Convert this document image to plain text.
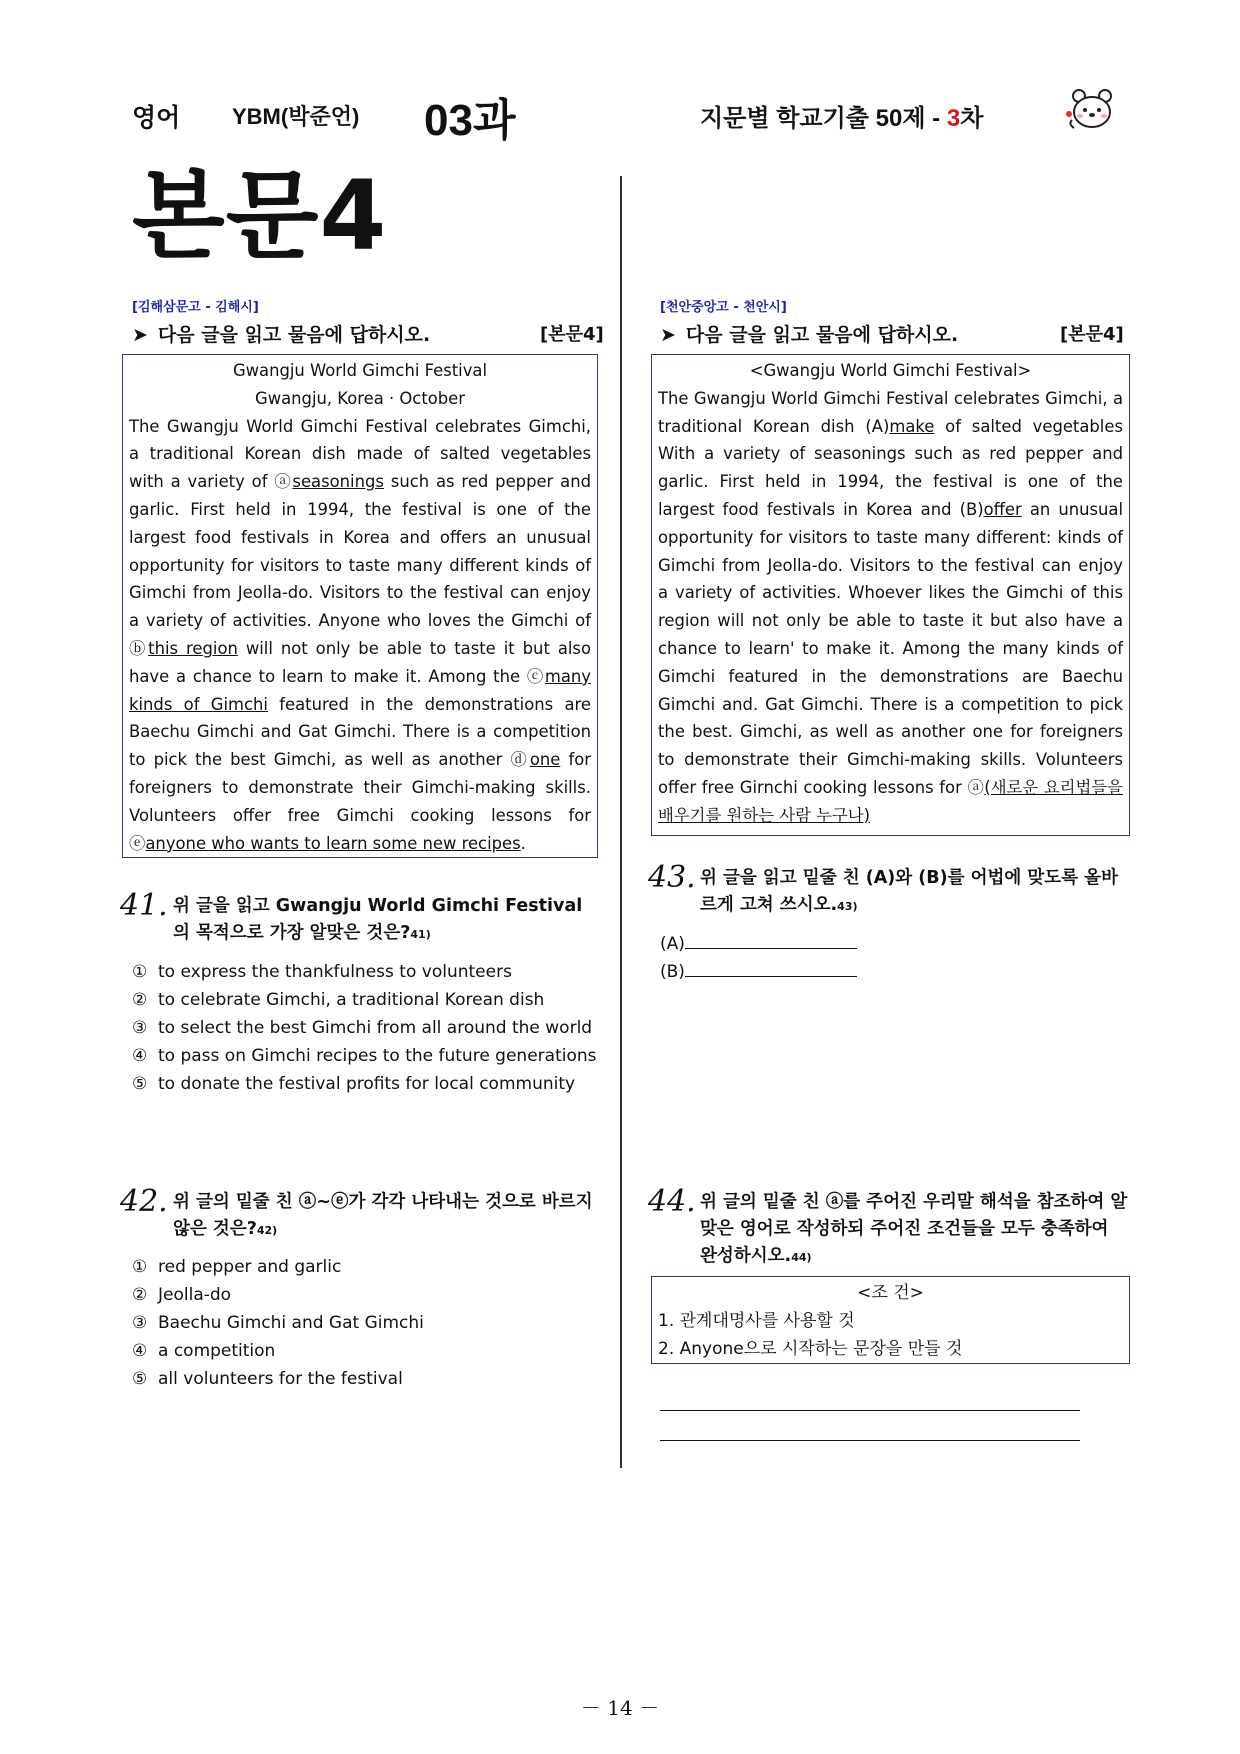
영어 YBM(박준언) 03과	지문별 학교기출 50제 - 3차
본문4
[김해삼문고 - 김해시]
➤ 다음 글을 읽고 물음에 답하시오.	[본문4]
Gwangju World Gimchi Festival
Gwangju, Korea · October
The Gwangju World Gimchi Festival celebrates Gimchi, a traditional Korean dish made of salted vegetables with a variety of ⓐseasonings such as red pepper and garlic. First held in 1994, the festival is one of the largest food festivals in Korea and offers an unusual opportunity for visitors to taste many different kinds of Gimchi from Jeolla-do. Visitors to the festival can enjoy a variety of activities. Anyone who loves the Gimchi of ⓑthis region will not only be able to taste it but also have a chance to learn to make it. Among the ⓒmany kinds of Gimchi featured in the demonstrations are Baechu Gimchi and Gat Gimchi. There is a competition to pick the best Gimchi, as well as another ⓓone for foreigners to demonstrate their Gimchi-making skills. Volunteers offer free Gimchi cooking lessons for ⓔanyone who wants to learn some new recipes.
41. 위 글을 읽고 Gwangju World Gimchi Festival의 목적으로 가장 알맞은 것은?41)
① to express the thankfulness to volunteers
② to celebrate Gimchi, a traditional Korean dish
③ to select the best Gimchi from all around the world
④ to pass on Gimchi recipes to the future generations
⑤ to donate the festival profits for local community
42. 위 글의 밑줄 친 ⓐ~ⓔ가 각각 나타내는 것으로 바르지 않은 것은?42)
① red pepper and garlic
② Jeolla-do
③ Baechu Gimchi and Gat Gimchi
④ a competition
⑤ all volunteers for the festival
[천안중앙고 - 천안시]
➤ 다음 글을 읽고 물음에 답하시오.	[본문4]
<Gwangju World Gimchi Festival>
The Gwangju World Gimchi Festival celebrates Gimchi, a traditional Korean dish (A)make of salted vegetables With a variety of seasonings such as red pepper and garlic. First held in 1994, the festival is one of the largest food festivals in Korea and (B)offer an unusual opportunity for visitors to taste many different: kinds of Gimchi from Jeolla-do. Visitors to the festival can enjoy a variety of activities. Whoever likes the Gimchi of this region will not only be able to taste it but also have a chance to learn' to make it. Among the many kinds of Gimchi featured in the demonstrations are Baechu Gimchi and. Gat Gimchi. There is a competition to pick the best. Gimchi, as well as another one for foreigners to demonstrate their Gimchi-making skills. Volunteers offer free Girnchi cooking lessons for ⓐ(새로운 요리법들을 배우기를 원하는 사람 누구나)
43. 위 글을 읽고 밑줄 친 (A)와 (B)를 어법에 맞도록 올바르게 고쳐 쓰시오.43)
(A)
(B)
44. 위 글의 밑줄 친 ⓐ를 주어진 우리말 해석을 참조하여 알맞은 영어로 작성하되 주어진 조건들을 모두 충족하여 완성하시오.44)
<조 건>
1. 관계대명사를 사용할 것
2. Anyone으로 시작하는 문장을 만들 것
－ 14 －
